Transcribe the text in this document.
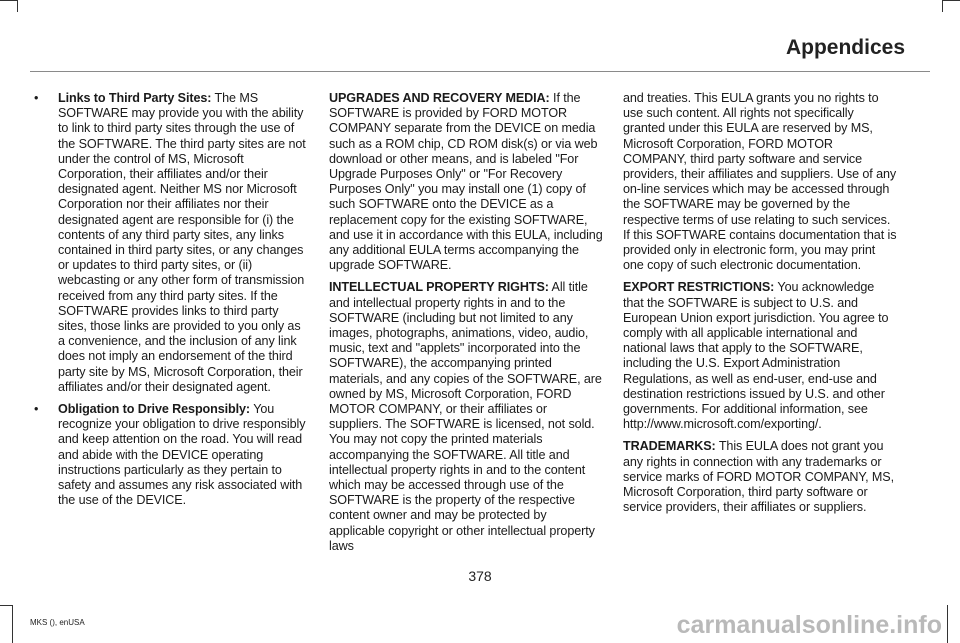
Appendices
•	Links to Third Party Sites: The MS SOFTWARE may provide you with the ability to link to third party sites through the use of the SOFTWARE. The third party sites are not under the control of MS, Microsoft Corporation, their affiliates and/or their designated agent. Neither MS nor Microsoft Corporation nor their affiliates nor their designated agent are responsible for (i) the contents of any third party sites, any links contained in third party sites, or any changes or updates to third party sites, or (ii) webcasting or any other form of transmission received from any third party sites. If the SOFTWARE provides links to third party sites, those links are provided to you only as a convenience, and the inclusion of any link does not imply an endorsement of the third party site by MS, Microsoft Corporation, their affiliates and/or their designated agent.
•	Obligation to Drive Responsibly: You recognize your obligation to drive responsibly and keep attention on the road. You will read and abide with the DEVICE operating instructions particularly as they pertain to safety and assumes any risk associated with the use of the DEVICE.

UPGRADES AND RECOVERY MEDIA: If the SOFTWARE is provided by FORD MOTOR COMPANY separate from the DEVICE on media such as a ROM chip, CD ROM disk(s) or via web download or other means, and is labeled "For Upgrade Purposes Only" or "For Recovery Purposes Only" you may install one (1) copy of such SOFTWARE onto the DEVICE as a replacement copy for the existing SOFTWARE, and use it in accordance with this EULA, including any additional EULA terms accompanying the upgrade SOFTWARE.

INTELLECTUAL PROPERTY RIGHTS: All title and intellectual property rights in and to the SOFTWARE (including but not limited to any images, photographs, animations, video, audio, music, text and "applets" incorporated into the SOFTWARE), the accompanying printed materials, and any copies of the SOFTWARE, are owned by MS, Microsoft Corporation, FORD MOTOR COMPANY, or their affiliates or suppliers. The SOFTWARE is licensed, not sold. You may not copy the printed materials accompanying the SOFTWARE. All title and intellectual property rights in and to the content which may be accessed through use of the SOFTWARE is the property of the respective content owner and may be protected by applicable copyright or other intellectual property laws

and treaties. This EULA grants you no rights to use such content. All rights not specifically granted under this EULA are reserved by MS, Microsoft Corporation, FORD MOTOR COMPANY, third party software and service providers, their affiliates and suppliers. Use of any on-line services which may be accessed through the SOFTWARE may be governed by the respective terms of use relating to such services. If this SOFTWARE contains documentation that is provided only in electronic form, you may print one copy of such electronic documentation.

EXPORT RESTRICTIONS: You acknowledge that the SOFTWARE is subject to U.S. and European Union export jurisdiction. You agree to comply with all applicable international and national laws that apply to the SOFTWARE, including the U.S. Export Administration Regulations, as well as end-user, end-use and destination restrictions issued by U.S. and other governments. For additional information, see http://www.microsoft.com/exporting/.

TRADEMARKS: This EULA does not grant you any rights in connection with any trademarks or service marks of FORD MOTOR COMPANY, MS, Microsoft Corporation, third party software or service providers, their affiliates or suppliers.

378
MKS (), enUSA	carmanualsonline.info
